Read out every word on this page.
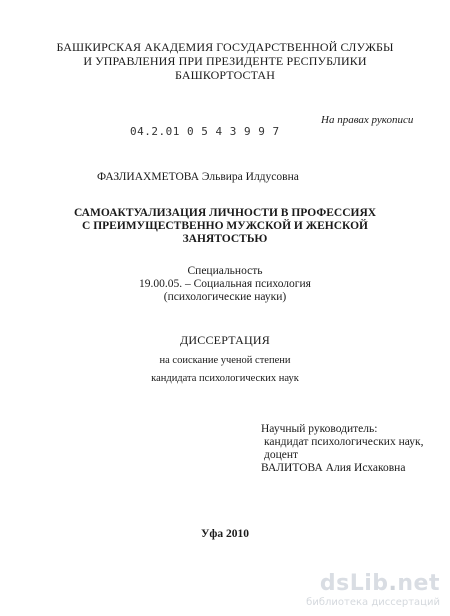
БАШКИРСКАЯ АКАДЕМИЯ ГОСУДАРСТВЕННОЙ СЛУЖБЫ
И УПРАВЛЕНИЯ ПРИ ПРЕЗИДЕНТЕ РЕСПУБЛИКИ
БАШКОРТОСТАН
На правах рукописи
04.2.01 0 5 4 3 9 9 7
ФАЗЛИАХМЕТОВА Эльвира Илдусовна
САМОАКТУАЛИЗАЦИЯ ЛИЧНОСТИ В ПРОФЕССИЯХ
С ПРЕИМУЩЕСТВЕННО МУЖСКОЙ И ЖЕНСКОЙ
ЗАНЯТОСТЬЮ
Специальность
19.00.05. – Социальная психология
(психологические науки)
ДИССЕРТАЦИЯ
на соискание ученой степени
кандидата психологических наук
Научный руководитель:
кандидат психологических наук,
доцент
ВАЛИТОВА Алия Исхаковна
Уфа 2010
dsLib.net
библиотека диссертаций
